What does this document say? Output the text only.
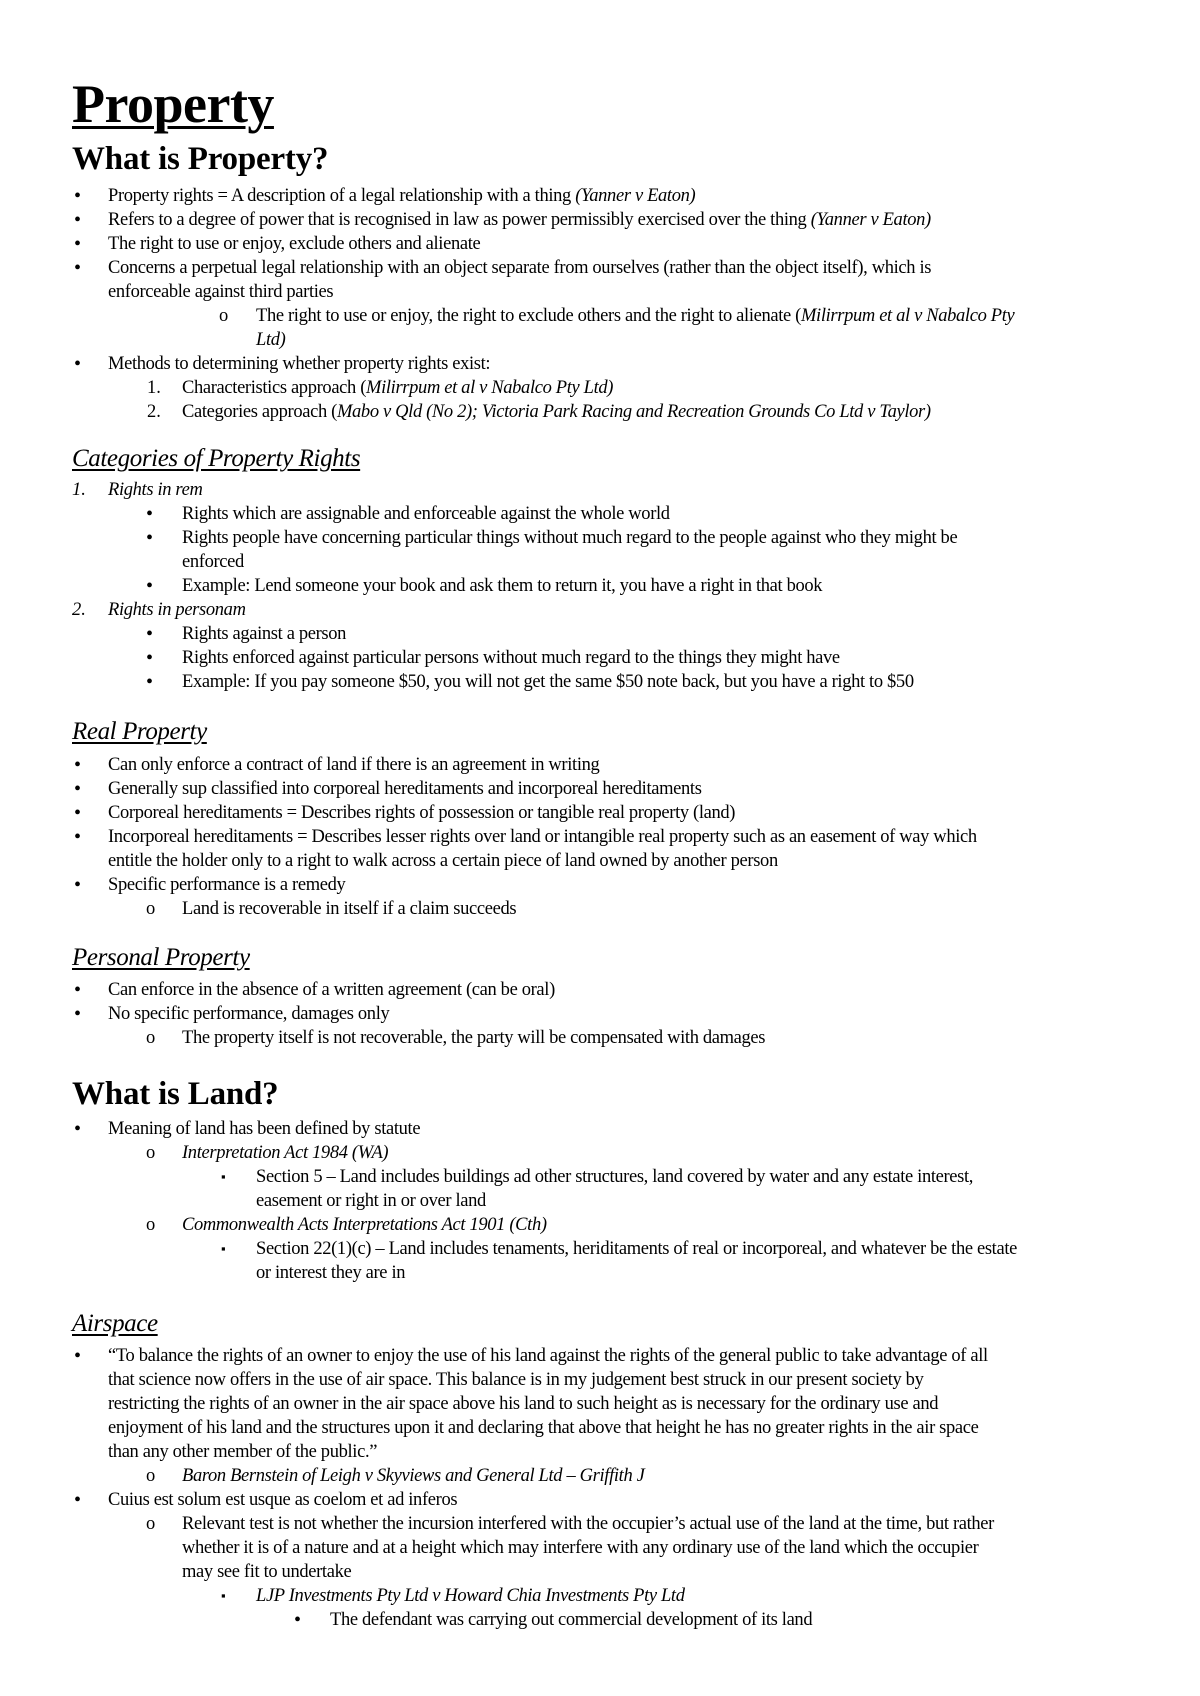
Property
What is Property?
• Property rights = A description of a legal relationship with a thing (Yanner v Eaton)
• Refers to a degree of power that is recognised in law as power permissibly exercised over the thing (Yanner v Eaton)
• The right to use or enjoy, exclude others and alienate
• Concerns a perpetual legal relationship with an object separate from ourselves (rather than the object itself), which is
enforceable against third parties
o The right to use or enjoy, the right to exclude others and the right to alienate (Milirrpum et al v Nabalco Pty
Ltd)
• Methods to determining whether property rights exist:
1. Characteristics approach (Milirrpum et al v Nabalco Pty Ltd)
2. Categories approach (Mabo v Qld (No 2); Victoria Park Racing and Recreation Grounds Co Ltd v Taylor)
Categories of Property Rights
1. Rights in rem
• Rights which are assignable and enforceable against the whole world
• Rights people have concerning particular things without much regard to the people against who they might be
enforced
• Example: Lend someone your book and ask them to return it, you have a right in that book
2. Rights in personam
• Rights against a person
• Rights enforced against particular persons without much regard to the things they might have
• Example: If you pay someone $50, you will not get the same $50 note back, but you have a right to $50
Real Property
• Can only enforce a contract of land if there is an agreement in writing
• Generally sup classified into corporeal hereditaments and incorporeal hereditaments
• Corporeal hereditaments = Describes rights of possession or tangible real property (land)
• Incorporeal hereditaments = Describes lesser rights over land or intangible real property such as an easement of way which
entitle the holder only to a right to walk across a certain piece of land owned by another person
• Specific performance is a remedy
o Land is recoverable in itself if a claim succeeds
Personal Property
• Can enforce in the absence of a written agreement (can be oral)
• No specific performance, damages only
o The property itself is not recoverable, the party will be compensated with damages
What is Land?
• Meaning of land has been defined by statute
o Interpretation Act 1984 (WA)
▪ Section 5 – Land includes buildings ad other structures, land covered by water and any estate interest,
easement or right in or over land
o Commonwealth Acts Interpretations Act 1901 (Cth)
▪ Section 22(1)(c) – Land includes tenaments, heriditaments of real or incorporeal, and whatever be the estate
or interest they are in
Airspace
• “To balance the rights of an owner to enjoy the use of his land against the rights of the general public to take advantage of all
that science now offers in the use of air space. This balance is in my judgement best struck in our present society by
restricting the rights of an owner in the air space above his land to such height as is necessary for the ordinary use and
enjoyment of his land and the structures upon it and declaring that above that height he has no greater rights in the air space
than any other member of the public.”
o Baron Bernstein of Leigh v Skyviews and General Ltd – Griffith J
• Cuius est solum est usque as coelom et ad inferos
o Relevant test is not whether the incursion interfered with the occupier’s actual use of the land at the time, but rather
whether it is of a nature and at a height which may interfere with any ordinary use of the land which the occupier
may see fit to undertake
▪ LJP Investments Pty Ltd v Howard Chia Investments Pty Ltd
• The defendant was carrying out commercial development of its land
